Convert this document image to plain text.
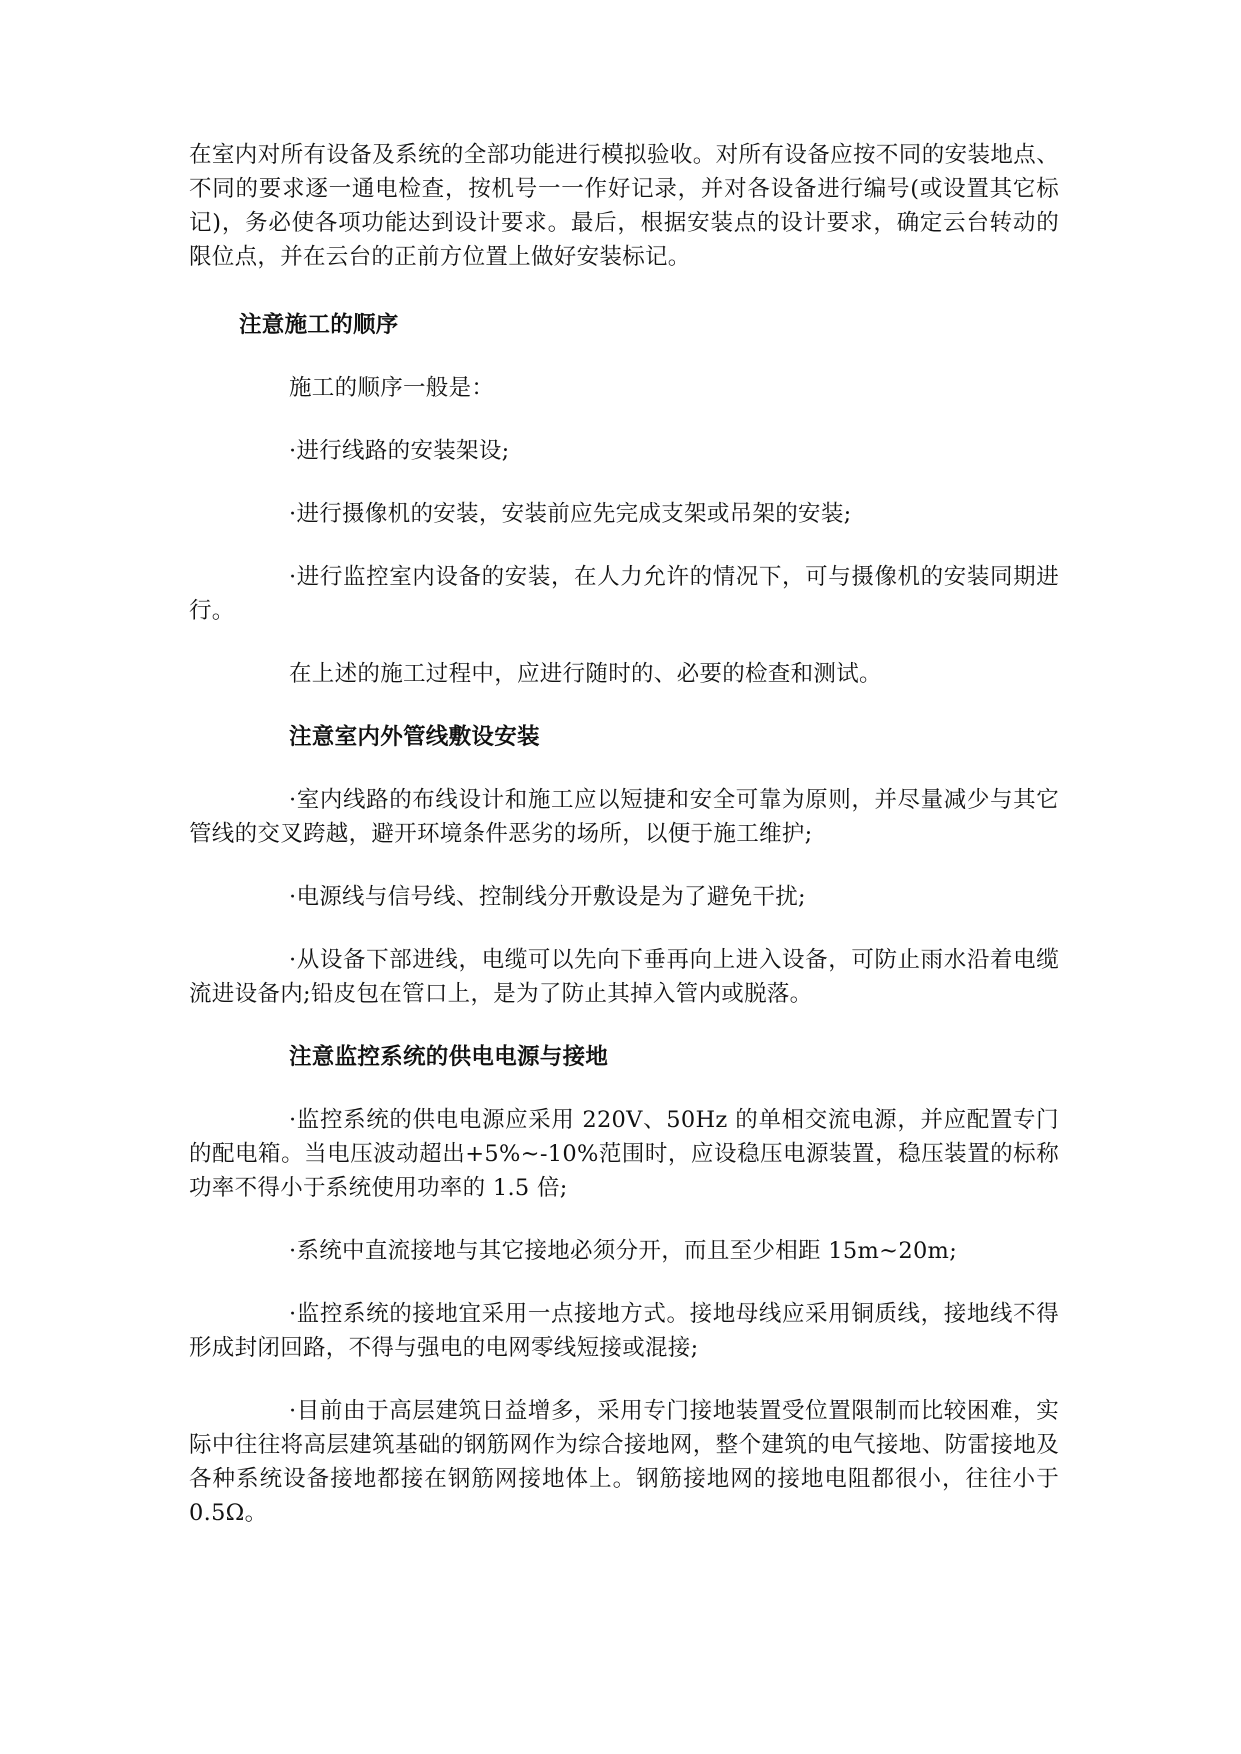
在室内对所有设备及系统的全部功能进行模拟验收。对所有设备应按不同的安装地点、不同的要求逐一通电检查，按机号一一作好记录，并对各设备进行编号(或设置其它标记)，务必使各项功能达到设计要求。最后，根据安装点的设计要求，确定云台转动的限位点，并在云台的正前方位置上做好安装标记。

注意施工的顺序

施工的顺序一般是：

·进行线路的安装架设;

·进行摄像机的安装，安装前应先完成支架或吊架的安装;

·进行监控室内设备的安装，在人力允许的情况下，可与摄像机的安装同期进行。

在上述的施工过程中，应进行随时的、必要的检查和测试。

注意室内外管线敷设安装

·室内线路的布线设计和施工应以短捷和安全可靠为原则，并尽量减少与其它管线的交叉跨越，避开环境条件恶劣的场所，以便于施工维护;

·电源线与信号线、控制线分开敷设是为了避免干扰;

·从设备下部进线，电缆可以先向下垂再向上进入设备，可防止雨水沿着电缆流进设备内;铅皮包在管口上，是为了防止其掉入管内或脱落。

注意监控系统的供电电源与接地

·监控系统的供电电源应采用 220V、50Hz 的单相交流电源，并应配置专门的配电箱。当电压波动超出+5%~-10%范围时，应设稳压电源装置，稳压装置的标称功率不得小于系统使用功率的 1.5 倍;

·系统中直流接地与其它接地必须分开，而且至少相距 15m~20m;

·监控系统的接地宜采用一点接地方式。接地母线应采用铜质线，接地线不得形成封闭回路，不得与强电的电网零线短接或混接;

·目前由于高层建筑日益增多，采用专门接地装置受位置限制而比较困难，实际中往往将高层建筑基础的钢筋网作为综合接地网，整个建筑的电气接地、防雷接地及各种系统设备接地都接在钢筋网接地体上。钢筋接地网的接地电阻都很小，往往小于 0.5Ω。
